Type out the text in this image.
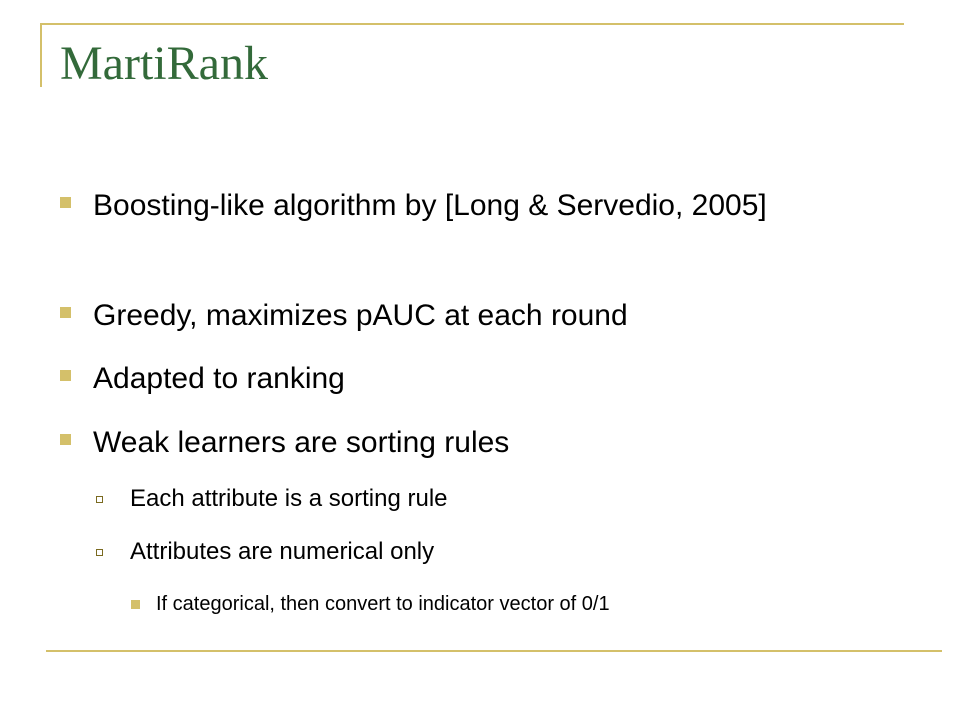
MartiRank
Boosting-like algorithm by [Long & Servedio, 2005]
Greedy, maximizes pAUC at each round
Adapted to ranking
Weak learners are sorting rules
Each attribute is a sorting rule
Attributes are numerical only
If categorical, then convert to indicator vector of 0/1
